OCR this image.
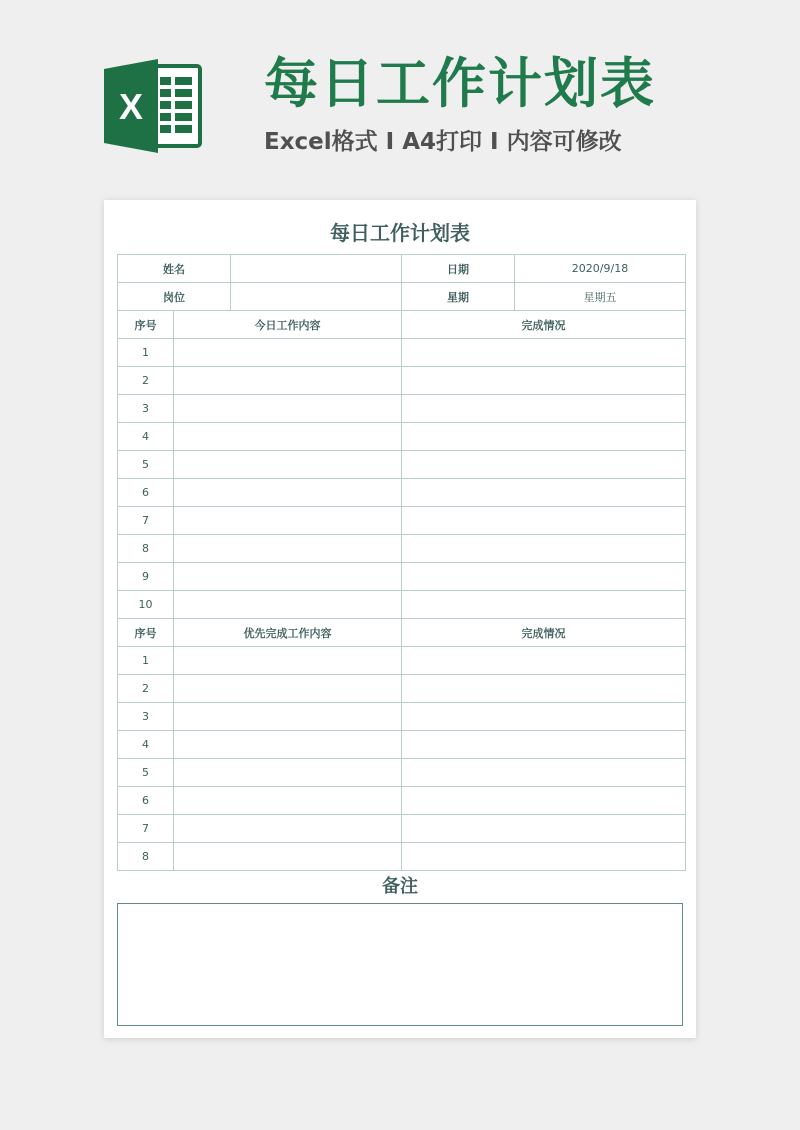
X 每日工作计划表
Excel格式 I A4打印 I 内容可修改
每日工作计划表
姓名			日期	2020/9/18
岗位			星期	星期五
序号	今日工作内容		完成情况	
1				
2				
3				
4				
5				
6				
7				
8				
9				
10				
序号	优先完成工作内容		完成情况	
1				
2				
3				
4				
5				
6				
7				
8				
备注
